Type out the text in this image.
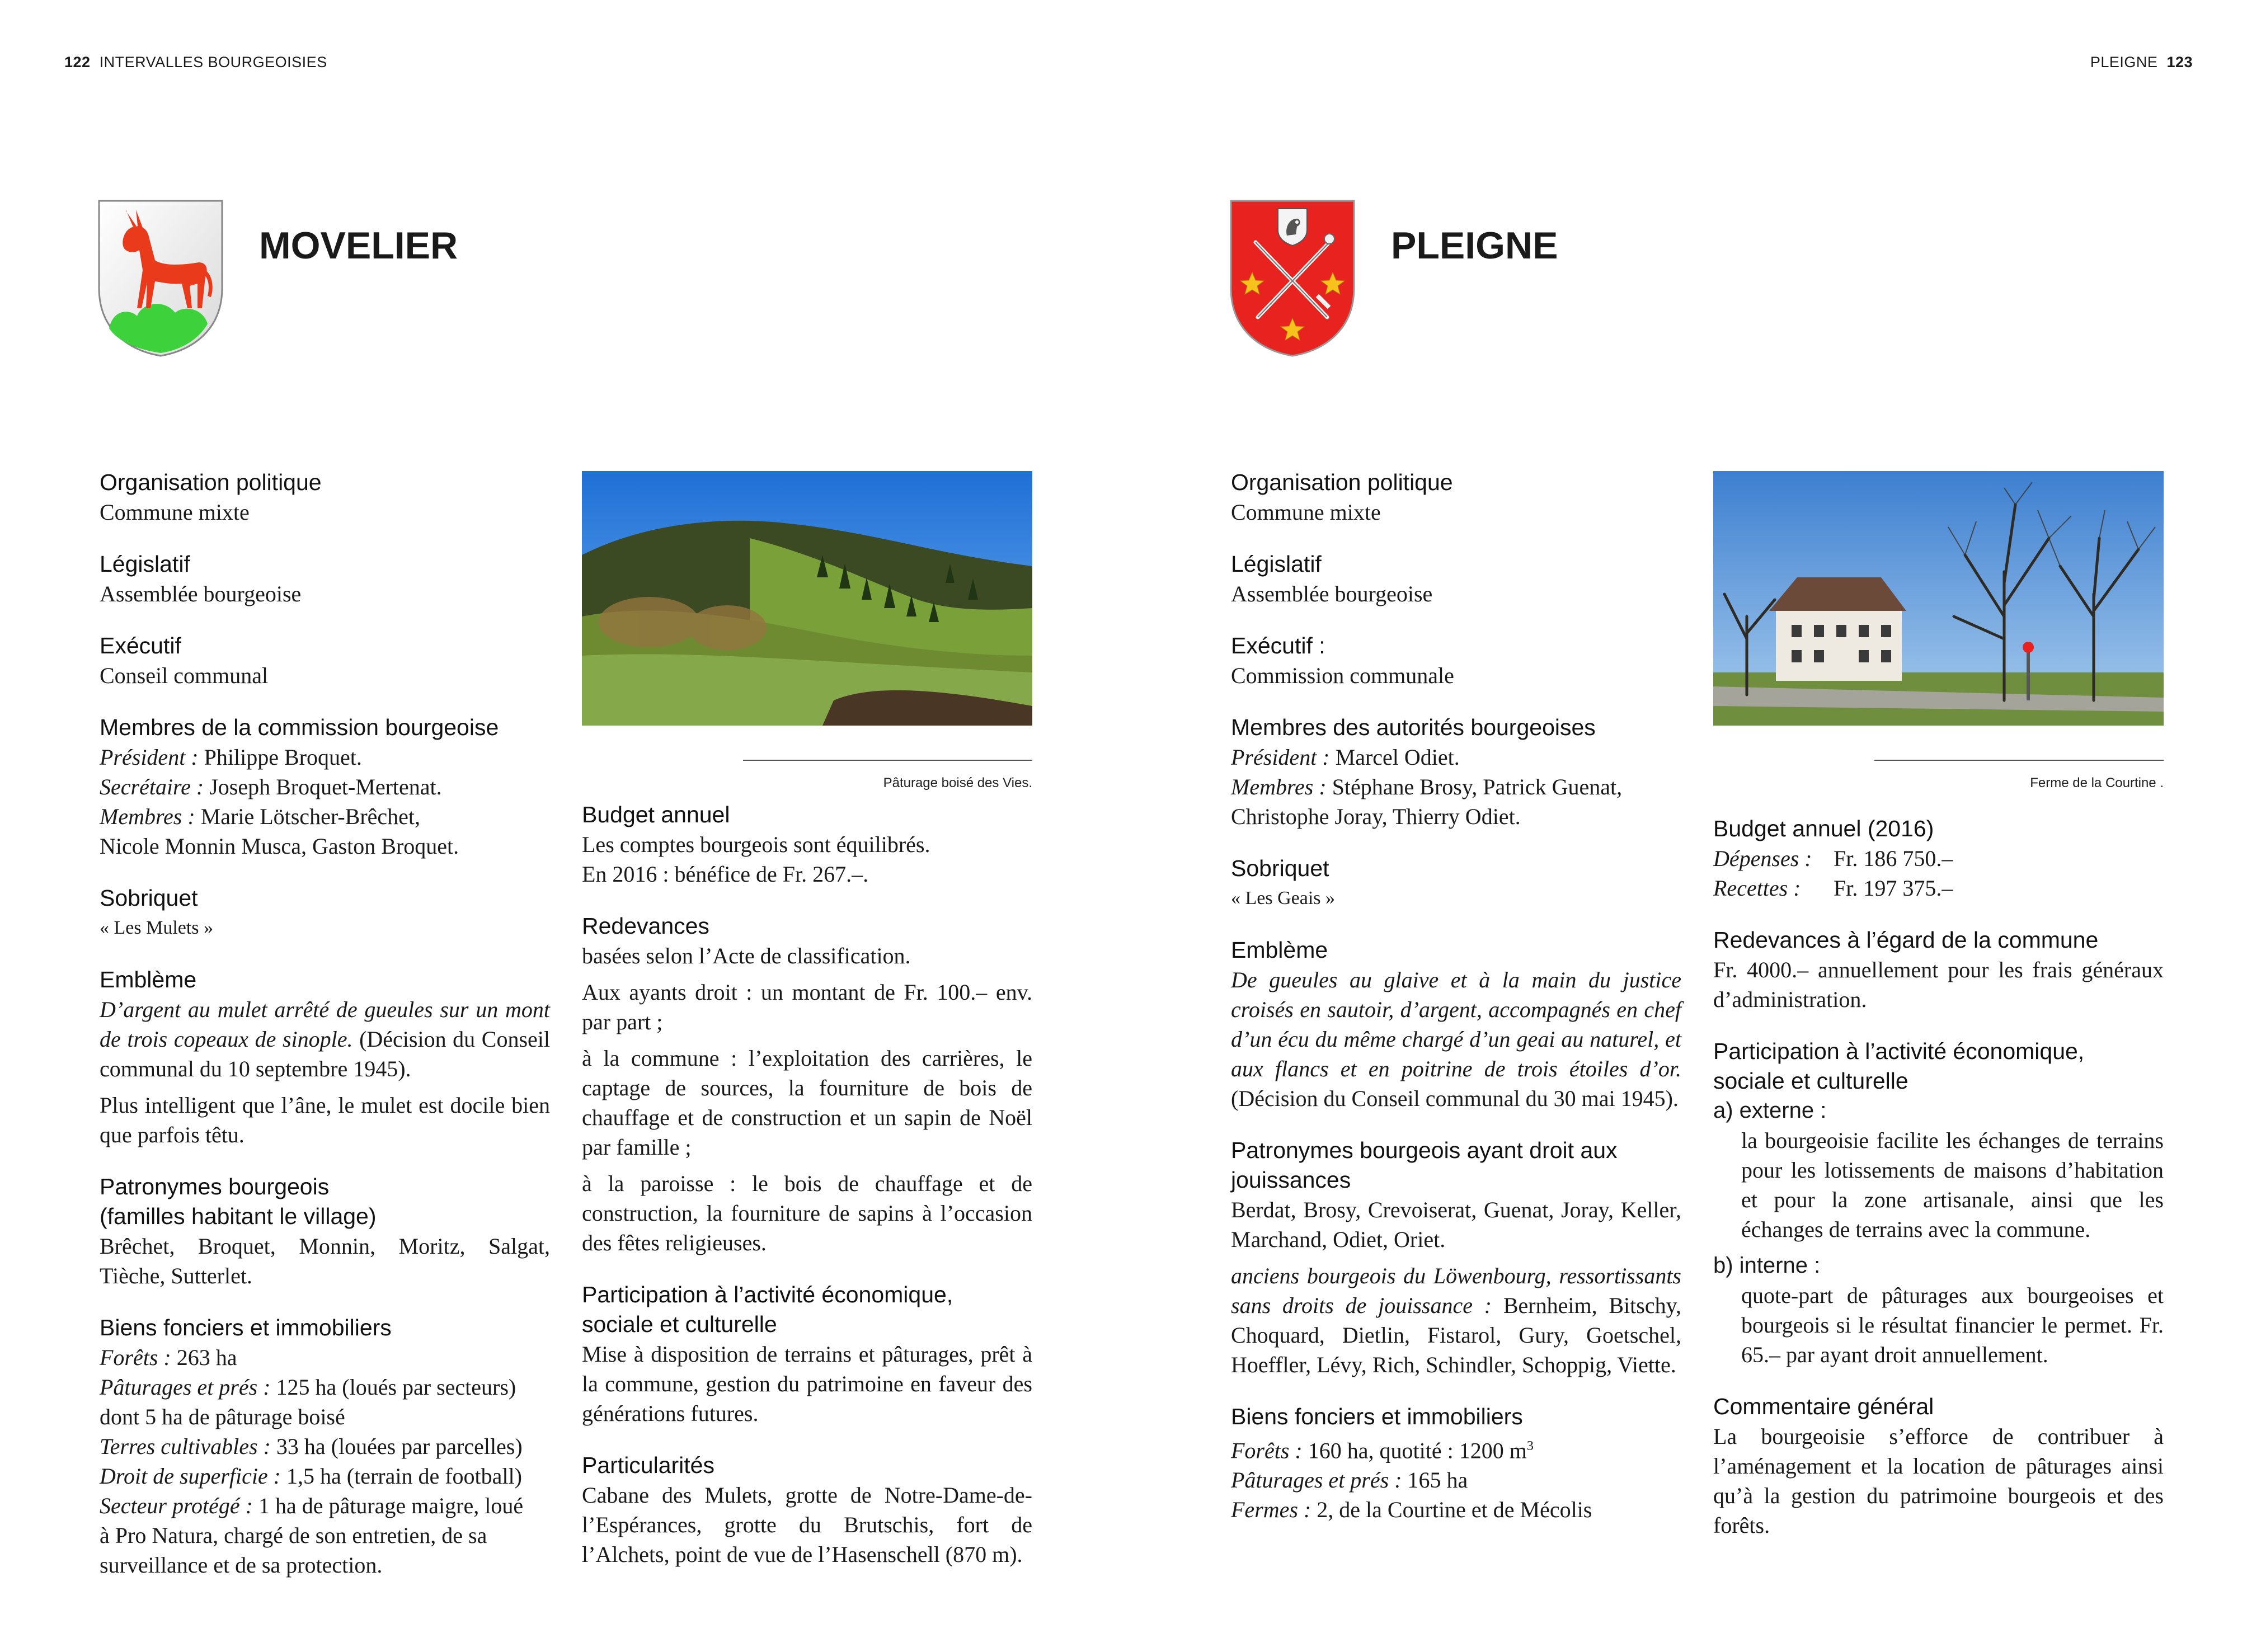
122 INTERVALLES BOURGEOISIES	PLEIGNE 123
MOVELIER
Organisation politique
Commune mixte
Législatif
Assemblée bourgeoise
Exécutif
Conseil communal
Membres de la commission bourgeoise
Président : Philippe Broquet.
Secrétaire : Joseph Broquet-Mertenat.
Membres : Marie Lötscher-Brêchet,
Nicole Monnin Musca, Gaston Broquet.
Sobriquet
« Les Mulets »
Emblème
D’argent au mulet arrêté de gueules sur un mont de trois copeaux de sinople. (Décision du Conseil communal du 10 septembre 1945).
Plus intelligent que l’âne, le mulet est docile bien que parfois têtu.
Patronymes bourgeois
(familles habitant le village)
Brêchet, Broquet, Monnin, Moritz, Salgat, Tièche, Sutterlet.
Biens fonciers et immobiliers
Forêts : 263 ha
Pâturages et prés : 125 ha (loués par secteurs) dont 5 ha de pâturage boisé
Terres cultivables : 33 ha (louées par parcelles)
Droit de superficie : 1,5 ha (terrain de football)
Secteur protégé : 1 ha de pâturage maigre, loué à Pro Natura, chargé de son entretien, de sa surveillance et de sa protection.
Pâturage boisé des Vies.
Budget annuel
Les comptes bourgeois sont équilibrés.
En 2016 : bénéfice de Fr. 267.–.
Redevances
basées selon l’Acte de classification.
Aux ayants droit : un montant de Fr. 100.– env. par part ;
à la commune : l’exploitation des carrières, le captage de sources, la fourniture de bois de chauffage et de construction et un sapin de Noël par famille ;
à la paroisse : le bois de chauffage et de construction, la fourniture de sapins à l’occasion des fêtes religieuses.
Participation à l’activité économique,
sociale et culturelle
Mise à disposition de terrains et pâturages, prêt à la commune, gestion du patrimoine en faveur des générations futures.
Particularités
Cabane des Mulets, grotte de Notre-Dame-de-l’Espérances, grotte du Brutschis, fort de l’Alchets, point de vue de l’Hasenschell (870 m).
PLEIGNE
Organisation politique
Commune mixte
Législatif
Assemblée bourgeoise
Exécutif :
Commission communale
Membres des autorités bourgeoises
Président : Marcel Odiet.
Membres : Stéphane Brosy, Patrick Guenat, Christophe Joray, Thierry Odiet.
Sobriquet
« Les Geais »
Emblème
De gueules au glaive et à la main du justice croisés en sautoir, d’argent, accompagnés en chef d’un écu du même chargé d’un geai au naturel, et aux flancs et en poitrine de trois étoiles d’or. (Décision du Conseil communal du 30 mai 1945).
Patronymes bourgeois ayant droit aux
jouissances
Berdat, Brosy, Crevoiserat, Guenat, Joray, Keller, Marchand, Odiet, Oriet.
anciens bourgeois du Löwenbourg, ressortissants sans droits de jouissance : Bernheim, Bitschy, Choquard, Dietlin, Fistarol, Gury, Goetschel, Hoeffler, Lévy, Rich, Schindler, Schoppig, Viette.
Biens fonciers et immobiliers
Forêts : 160 ha, quotité : 1200 $m^3$
Pâturages et prés : 165 ha
Fermes : 2, de la Courtine et de Mécolis
Ferme de la Courtine .
Budget annuel (2016)
Dépenses : Fr. 186 750.–
Recettes : Fr. 197 375.–
Redevances à l’égard de la commune
Fr. 4000.– annuellement pour les frais généraux d’administration.
Participation à l’activité économique,
sociale et culturelle
a) externe :
la bourgeoisie facilite les échanges de terrains pour les lotissements de maisons d’habitation et pour la zone artisanale, ainsi que les échanges de terrains avec la commune.
b) interne :
quote-part de pâturages aux bourgeoises et bourgeois si le résultat financier le permet. Fr. 65.– par ayant droit annuellement.
Commentaire général
La bourgeoisie s’efforce de contribuer à l’aménagement et la location de pâturages ainsi qu’à la gestion du patrimoine bourgeois et des forêts.
